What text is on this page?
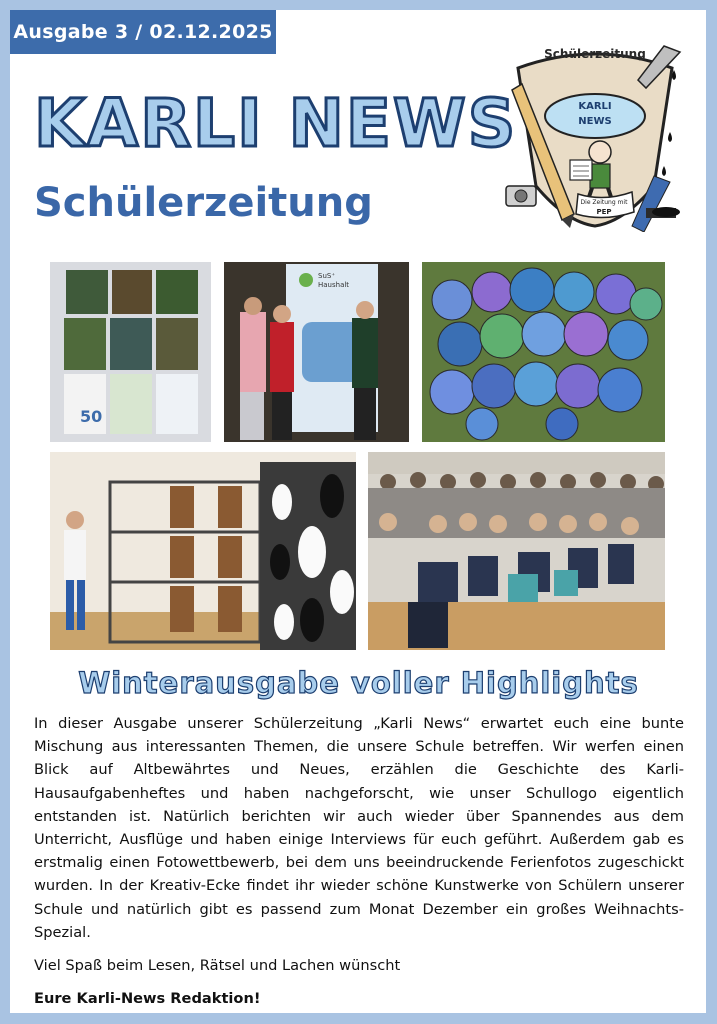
Ausgabe 3 / 02.12.2025
KARLI NEWS
Schülerzeitung
KARLI
NEWS
Schülerzeitung
Die Zeitung mit
PEP
50
SuS⁺
Haushalt
Winterausgabe voller Highlights

In dieser Ausgabe unserer Schülerzeitung „Karli News“ erwartet euch eine bunte Mischung aus interessanten Themen, die unsere Schule betreffen. Wir werfen einen Blick auf Altbewährtes und Neues, erzählen die Geschichte des Karli-Hausaufgabenheftes und haben nachgeforscht, wie unser Schullogo eigentlich entstanden ist. Natürlich berichten wir auch wieder über Spannendes aus dem Unterricht, Ausflüge und haben einige Interviews für euch geführt. Außerdem gab es erstmalig einen Fotowettbewerb, bei dem uns beeindruckende Ferienfotos zugeschickt wurden. In der Kreativ-Ecke findet ihr wieder schöne Kunstwerke von Schülern unserer Schule und natürlich gibt es passend zum Monat Dezember ein großes Weihnachts-Spezial.

Viel Spaß beim Lesen, Rätsel und Lachen wünscht

Eure Karli-News Redaktion!
